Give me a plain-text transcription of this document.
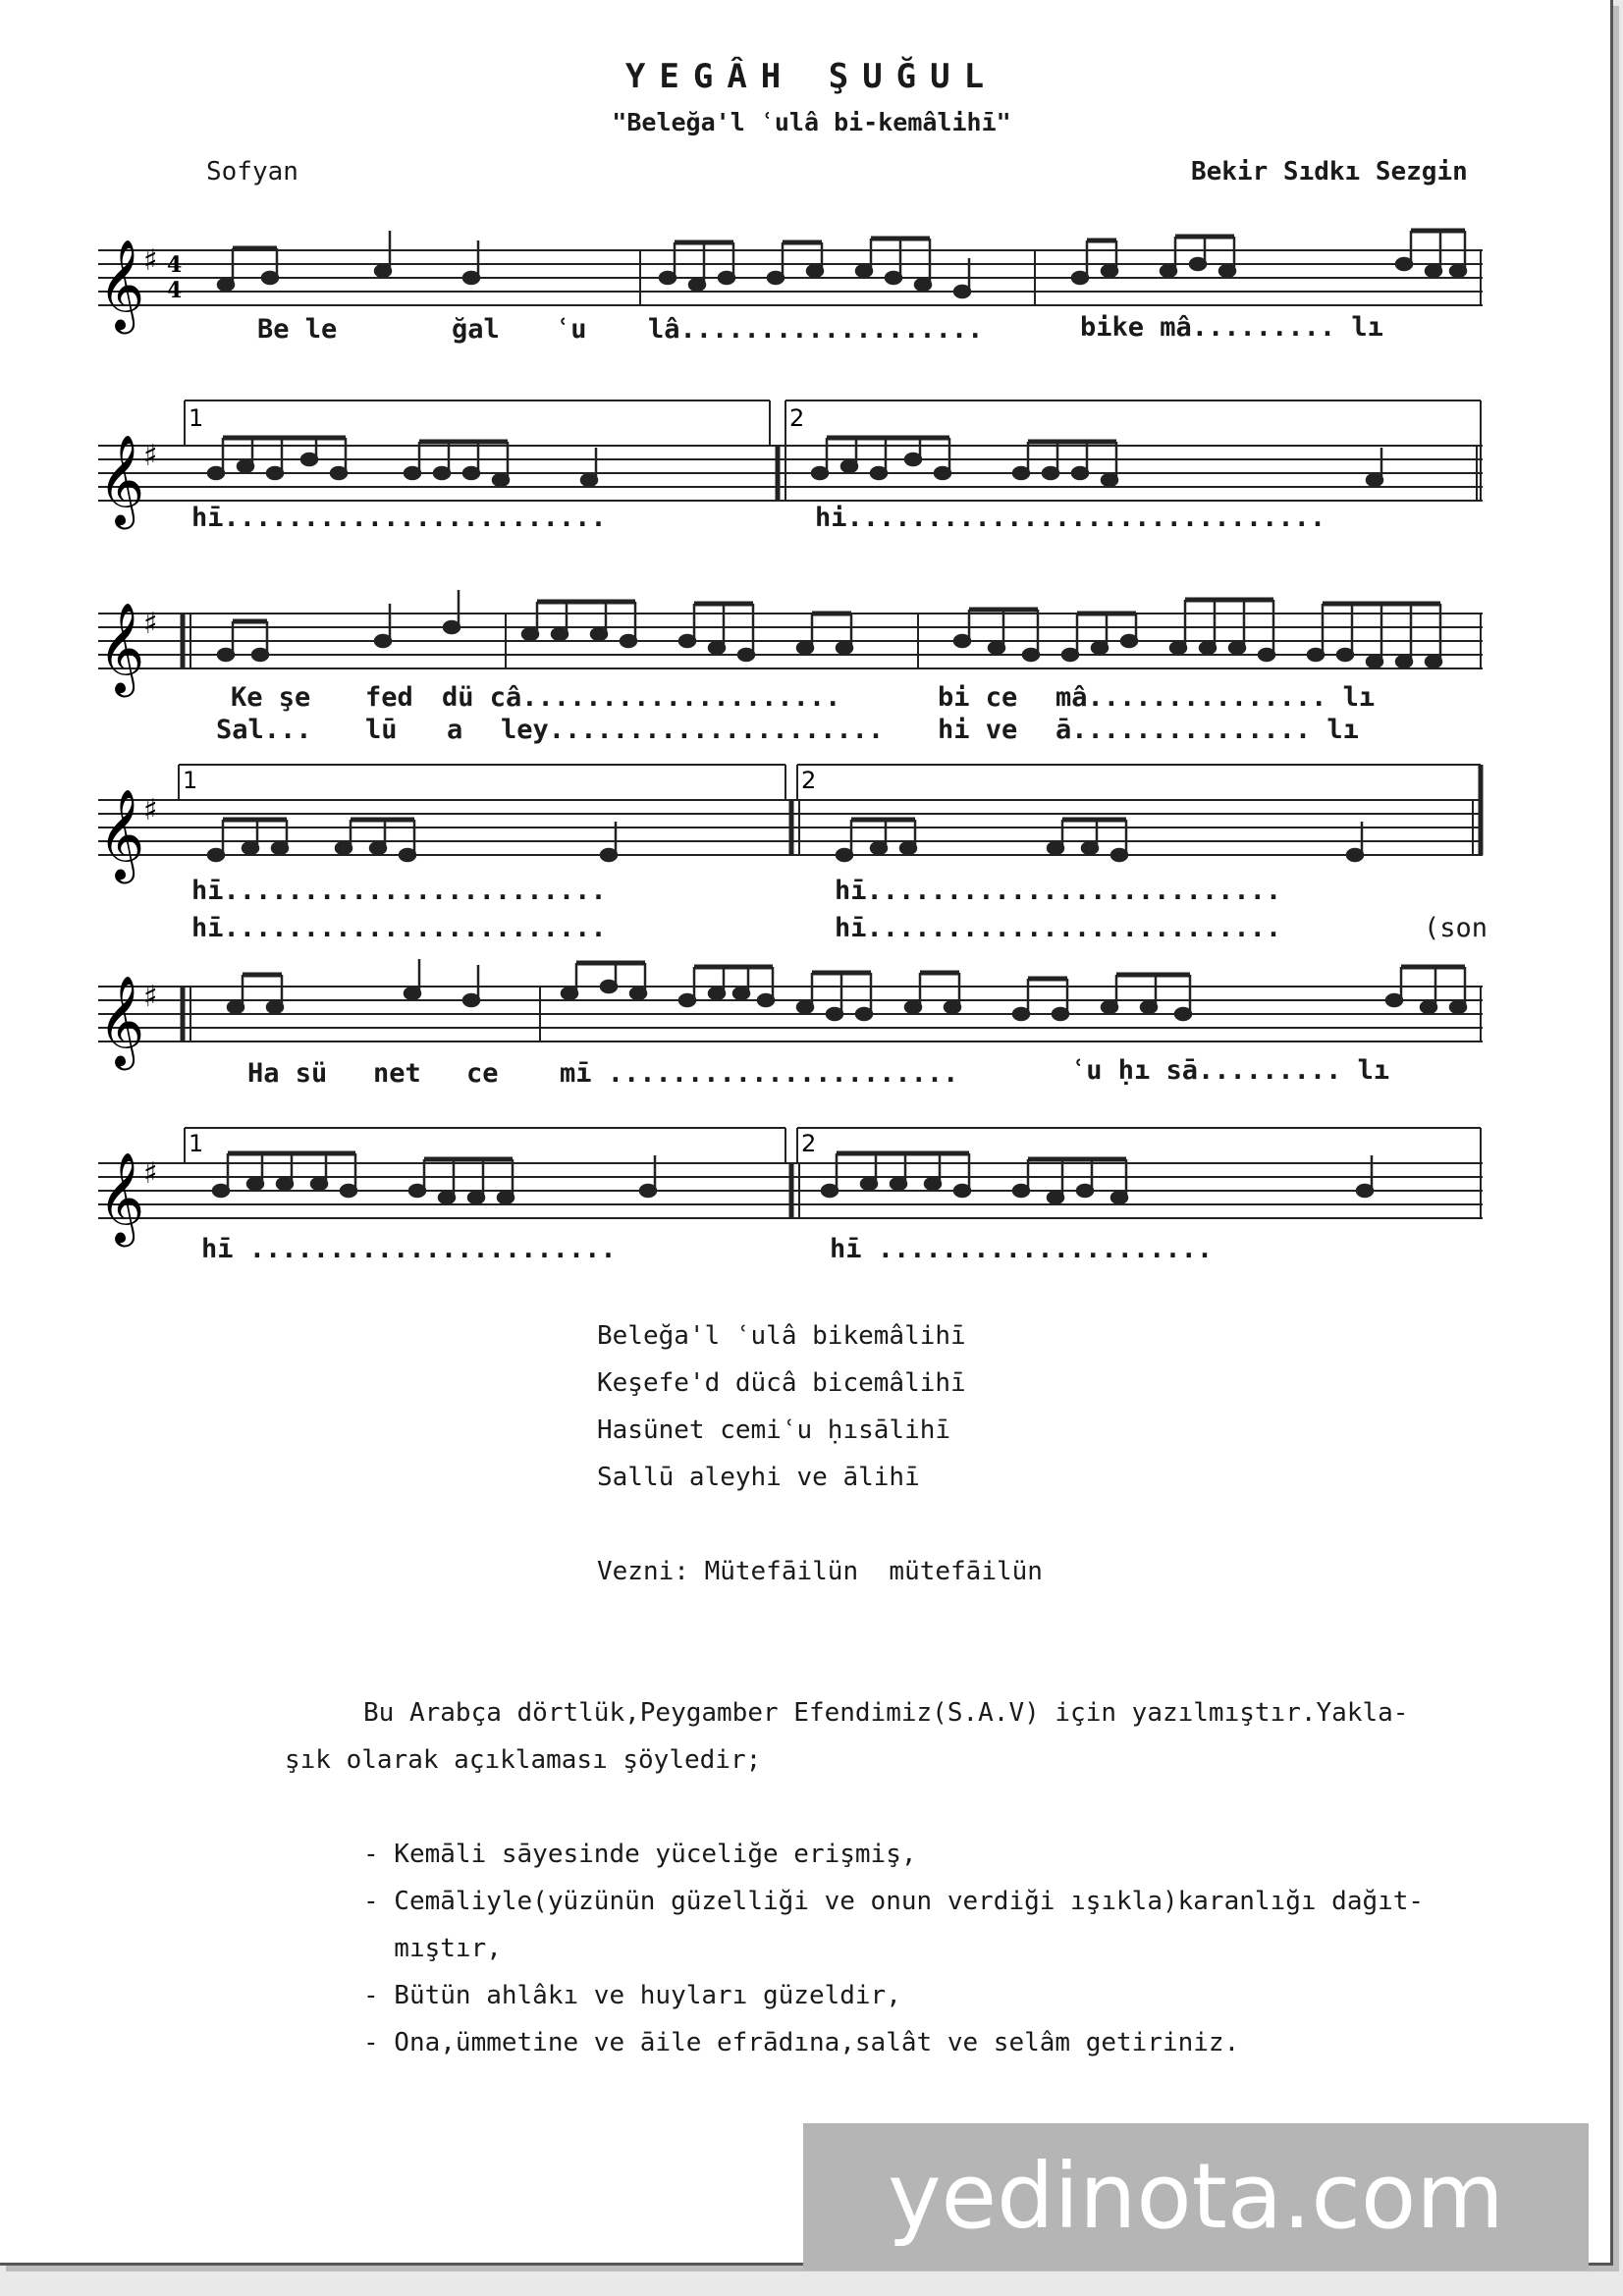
YEGÂH ŞUĞUL
"Beleğa'l ʿulâ bi-kemâlihī"
Sofyan	Bekir Sıdkı Sezgin
𝄞
♯ 4
4
Be le	ğal ʿu lâ...................	bike mâ......... lı
𝄞
♯
1	2
hī........................	hi..............................
𝄞
♯
Ke şe fed dü câ....................	bi ce mâ............... lı
Sal... lū a ley..................... hi ve ā............... lı
𝄞
♯
1	2
hī........................	hī..........................
hī........................	hī..........................	(son
𝄞
♯
Ha sü net ce mī ......................	ʿu ḥı sā......... lı
𝄞
♯
1	2
hī .......................	hī .....................
Beleğa'l ʿulâ bikemâlihī
Keşefe'd dücâ bicemâlihī
Hasünet cemiʿu ḥısālihī
Sallū aleyhi ve ālihī
Vezni: Mütefāilün  mütefāilün
Bu Arabça dörtlük,Peygamber Efendimiz(S.A.V) için yazılmıştır.Yakla-
şık olarak açıklaması şöyledir;
- Kemāli sāyesinde yüceliğe erişmiş,
- Cemāliyle(yüzünün güzelliği ve onun verdiği ışıkla)karanlığı dağıt-
mıştır,
- Bütün ahlâkı ve huyları güzeldir,
- Ona,ümmetine ve āile efrādına,salât ve selâm getiriniz.
yedinota.com
